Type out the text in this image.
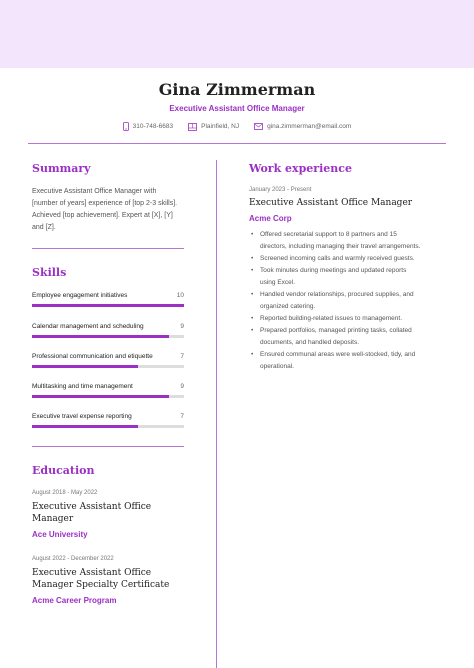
Gina Zimmerman
Executive Assistant Office Manager
310-748-6683	Plainfield, NJ	gina.zimmerman@email.com
Summary
Executive Assistant Office Manager with
[number of years] experience of [top 2-3 skills].
Achieved [top achievement]. Expert at [X], [Y]
and [Z].
Skills
Employee engagement initiatives	10
Calendar management and scheduling	9
Professional communication and etiquette	7
Multitasking and time management	9
Executive travel expense reporting	7
Education
August 2018 - May 2022
Executive Assistant Office
Manager
Ace University
August 2022 - December 2022
Executive Assistant Office
Manager Specialty Certificate
Acme Career Program
Work experience
January 2023 - Present
Executive Assistant Office Manager
Acme Corp
• Offered secretarial support to 8 partners and 15
directors, including managing their travel arrangements.
• Screened incoming calls and warmly received guests.
• Took minutes during meetings and updated reports
using Excel.
• Handled vendor relationships, procured supplies, and
organized catering.
• Reported building-related issues to management.
• Prepared portfolios, managed printing tasks, collated
documents, and handled deposits.
• Ensured communal areas were well-stocked, tidy, and
operational.
